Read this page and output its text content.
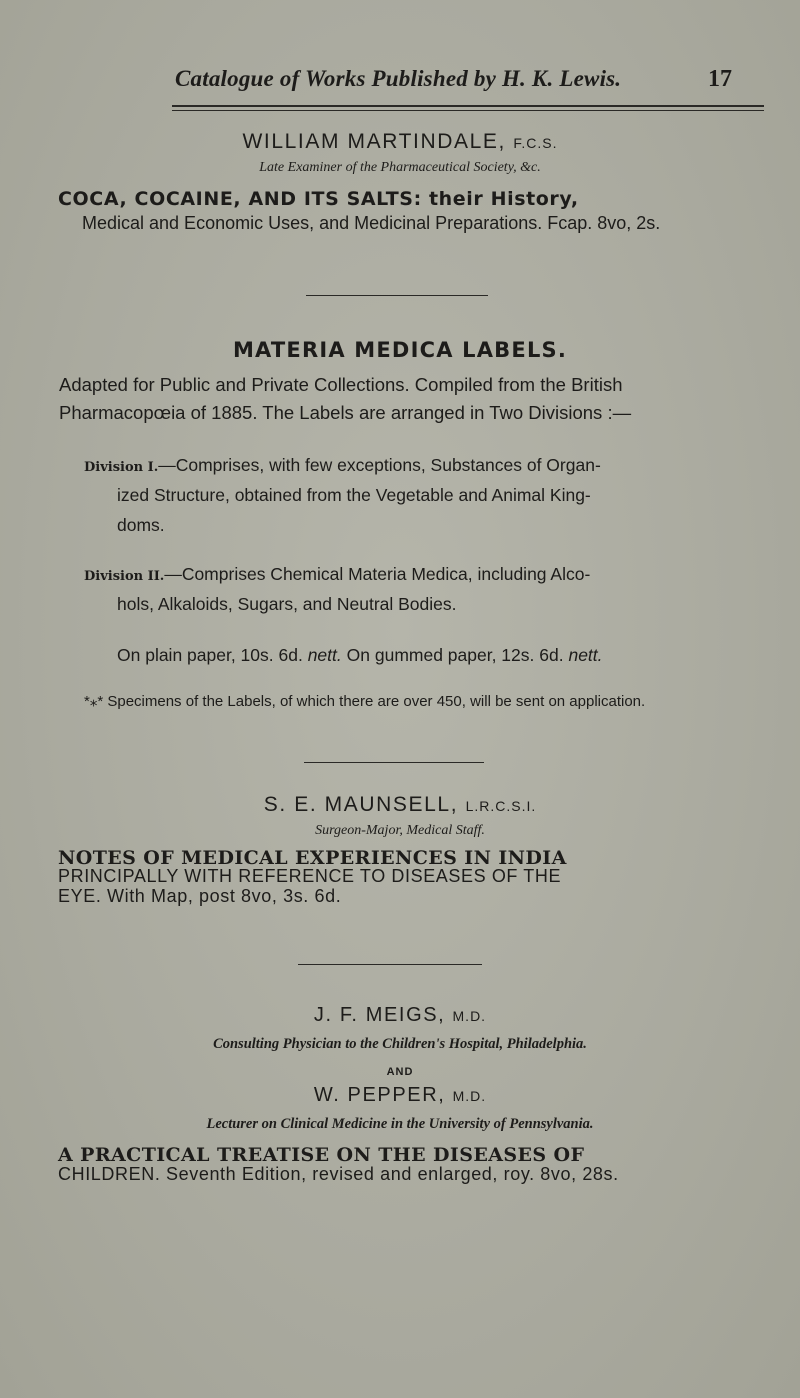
Catalogue of Works Published by H. K. Lewis.	17
WILLIAM MARTINDALE, F.C.S.
Late Examiner of the Pharmaceutical Society, &c.
COCA, COCAINE, AND ITS SALTS: their History,
Medical and Economic Uses, and Medicinal Preparations. Fcap. 8vo, 2s.
MATERIA MEDICA LABELS.
Adapted for Public and Private Collections. Compiled from the British
Pharmacopœia of 1885. The Labels are arranged in Two Divisions :—
Division I.—Comprises, with few exceptions, Substances of Organ-
ized Structure, obtained from the Vegetable and Animal King-
doms.
Division II.—Comprises Chemical Materia Medica, including Alco-
hols, Alkaloids, Sugars, and Neutral Bodies.
On plain paper, 10s. 6d. nett. On gummed paper, 12s. 6d. nett.
*⁎* Specimens of the Labels, of which there are over 450, will be sent on application.
S. E. MAUNSELL, L.R.C.S.I.
Surgeon-Major, Medical Staff.
NOTES OF MEDICAL EXPERIENCES IN INDIA
PRINCIPALLY WITH REFERENCE TO DISEASES OF THE
EYE. With Map, post 8vo, 3s. 6d.
J. F. MEIGS, M.D.
Consulting Physician to the Children's Hospital, Philadelphia.
AND
W. PEPPER, M.D.
Lecturer on Clinical Medicine in the University of Pennsylvania.
A PRACTICAL TREATISE ON THE DISEASES OF
CHILDREN. Seventh Edition, revised and enlarged, roy. 8vo, 28s.
